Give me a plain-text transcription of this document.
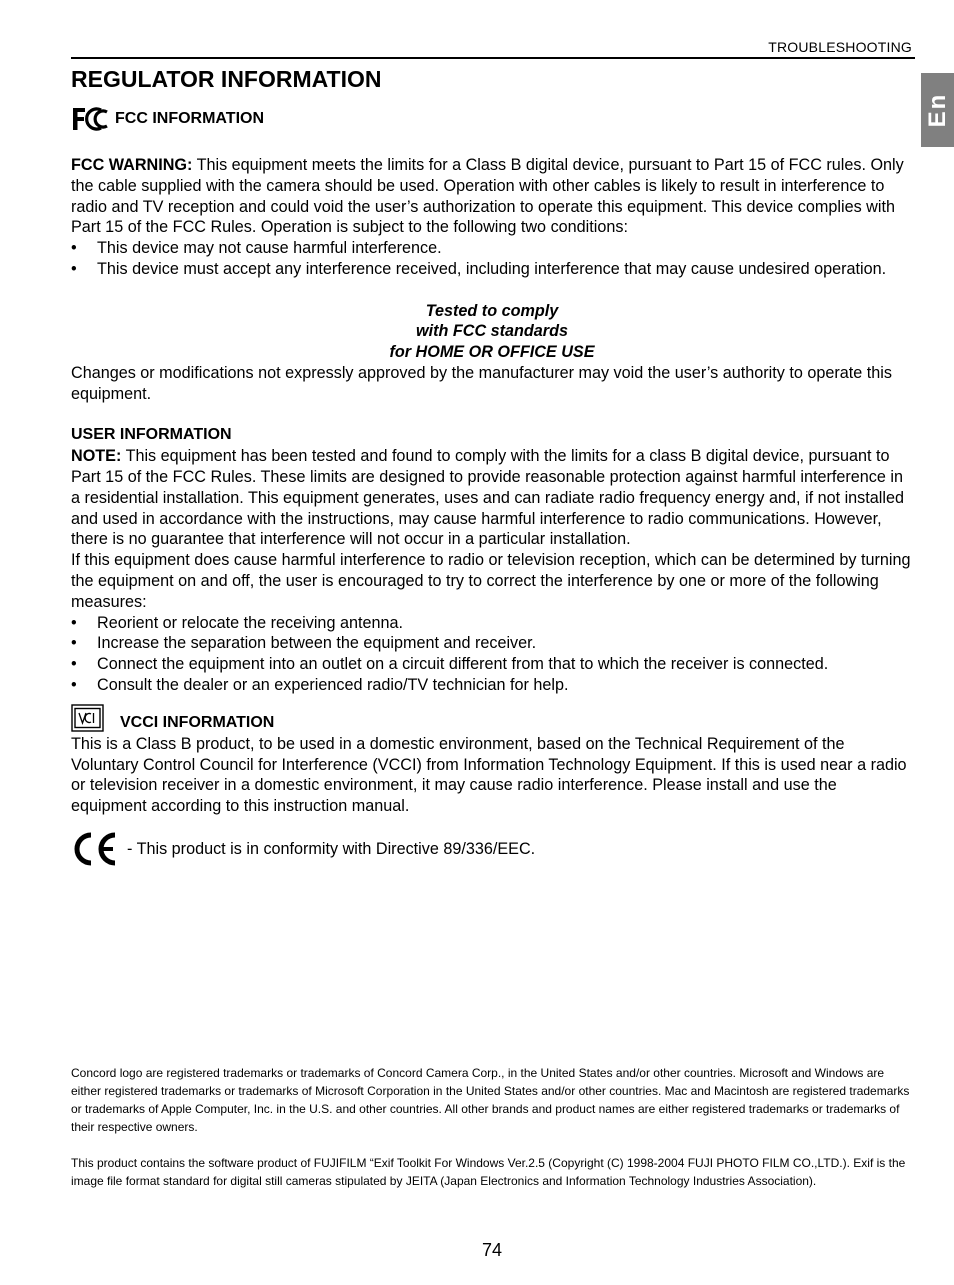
TROUBLESHOOTING
En

REGULATOR INFORMATION

FCC INFORMATION

FCC WARNING: This equipment meets the limits for a Class B digital device, pursuant to Part 15 of FCC rules. Only the cable supplied with the camera should be used. Operation with other cables is likely to result in interference to radio and TV reception and could void the user’s authorization to operate this equipment. This device complies with Part 15 of the FCC Rules. Operation is subject to the following two conditions:

• This device may not cause harmful interference.
• This device must accept any interference received, including interference that may cause undesired operation.

Tested to comply

with FCC standards

for HOME OR OFFICE USE

Changes or modifications not expressly approved by the manufacturer may void the user’s authority to operate this equipment.

USER INFORMATION

NOTE: This equipment has been tested and found to comply with the limits for a class B digital device, pursuant to Part 15 of the FCC Rules. These limits are designed to provide reasonable protection against harmful interference in a residential installation. This equipment generates, uses and can radiate radio frequency energy and, if not installed and used in accordance with the instructions, may cause harmful interference to radio communications. However, there is no guarantee that interference will not occur in a particular installation.

If this equipment does cause harmful interference to radio or television reception, which can be determined by turning the equipment on and off, the user is encouraged to try to correct the interference by one or more of the following measures:

• Reorient or relocate the receiving antenna.
• Increase the separation between the equipment and receiver.
• Connect the equipment into an outlet on a circuit different from that to which the receiver is connected.
• Consult the dealer or an experienced radio/TV technician for help.
VCCI INFORMATION

This is a Class B product, to be used in a domestic environment, based on the Technical Requirement of the Voluntary Control Council for Interference (VCCI) from Information Technology Equipment. If this is used near a radio or television receiver in a domestic environment, it may cause radio interference. Please install and use the equipment according to this instruction manual.

- This product is in conformity with Directive 89/336/EEC.

Concord logo are registered trademarks or trademarks of Concord Camera Corp., in the United States and/or other countries. Microsoft and Windows are either registered trademarks or trademarks of Microsoft Corporation in the United States and/or other countries. Mac and Macintosh are registered trademarks or trademarks of Apple Computer, Inc. in the U.S. and other countries. All other brands and product names are either registered trademarks or trademarks of their respective owners.

This product contains the software product of FUJIFILM “Exif Toolkit For Windows Ver.2.5 (Copyright (C) 1998-2004 FUJI PHOTO FILM CO.,LTD.). Exif is the image file format standard for digital still cameras stipulated by JEITA (Japan Electronics and Information Technology Industries Association).

74
